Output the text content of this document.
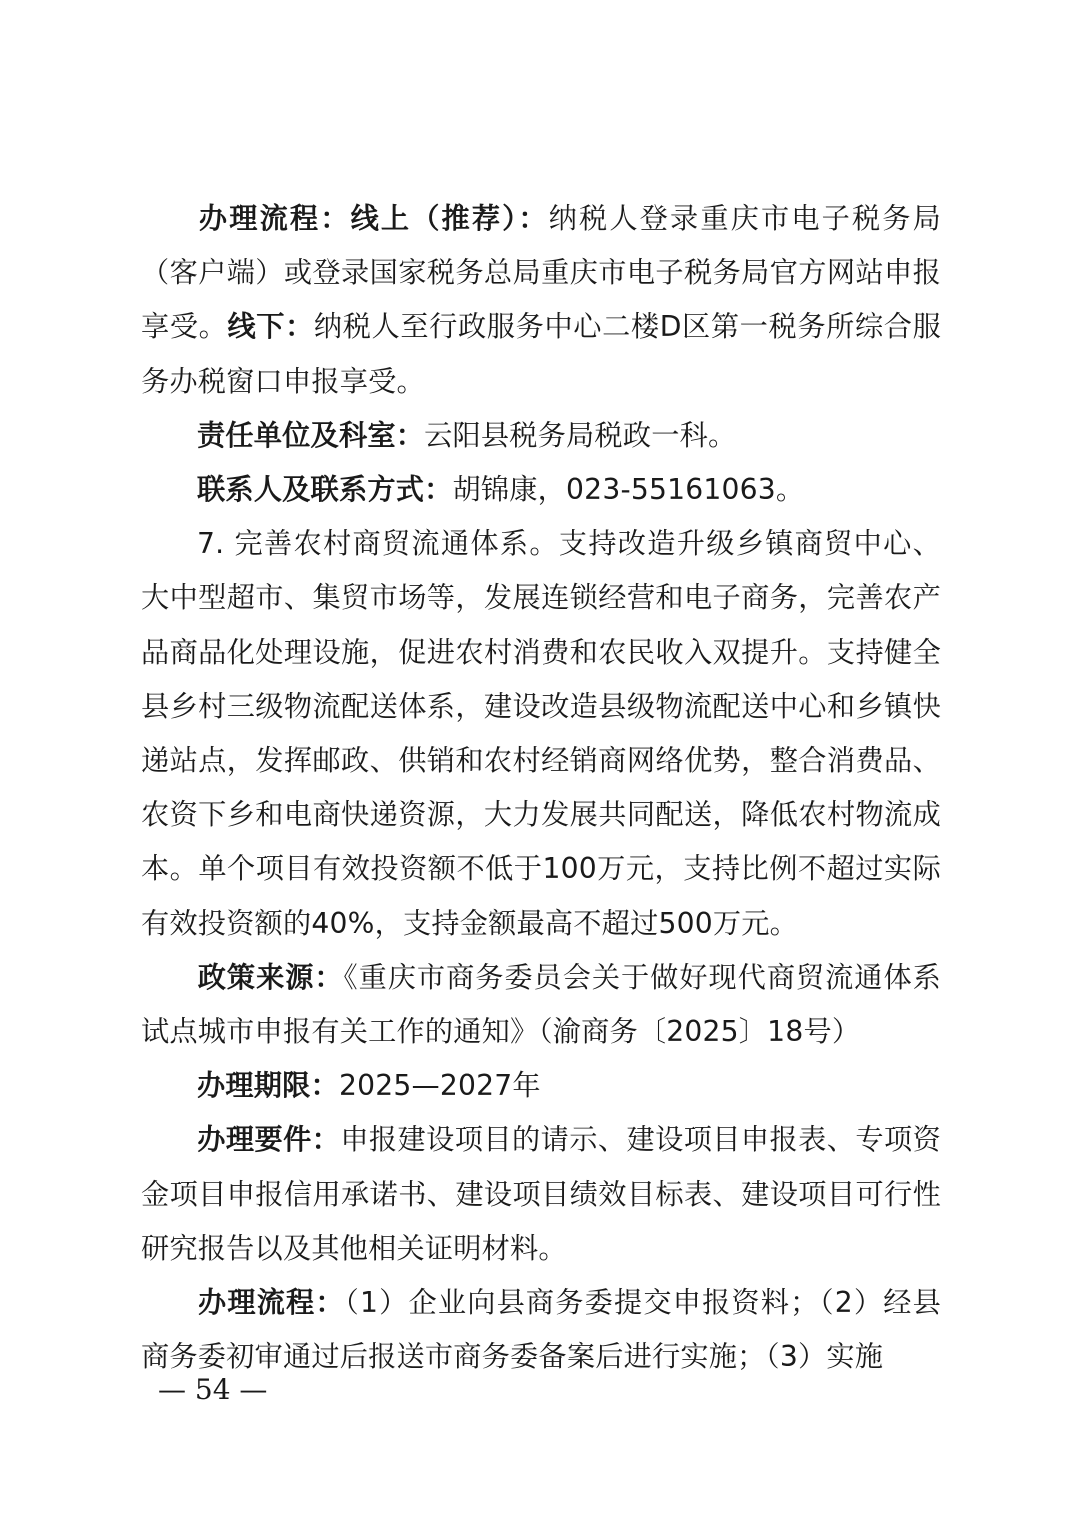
办理流程：线上（推荐）：纳税人登录重庆市电子税务局（客户端）或登录国家税务总局重庆市电子税务局官方网站申报享受。线下：纳税人至行政服务中心二楼D区第一税务所综合服务办税窗口申报享受。

责任单位及科室：云阳县税务局税政一科。

联系人及联系方式：胡锦康，023-55161063。

7. 完善农村商贸流通体系。支持改造升级乡镇商贸中心、大中型超市、集贸市场等，发展连锁经营和电子商务，完善农产品商品化处理设施，促进农村消费和农民收入双提升。支持健全县乡村三级物流配送体系，建设改造县级物流配送中心和乡镇快递站点，发挥邮政、供销和农村经销商网络优势，整合消费品、农资下乡和电商快递资源，大力发展共同配送，降低农村物流成本。单个项目有效投资额不低于100万元，支持比例不超过实际有效投资额的40%，支持金额最高不超过500万元。

政策来源：《重庆市商务委员会关于做好现代商贸流通体系试点城市申报有关工作的通知》（渝商务〔2025〕18号）

办理期限：2025—2027年

办理要件：申报建设项目的请示、建设项目申报表、专项资金项目申报信用承诺书、建设项目绩效目标表、建设项目可行性研究报告以及其他相关证明材料。

办理流程：（1）企业向县商务委提交申报资料；（2）经县商务委初审通过后报送市商务委备案后进行实施；（3）实施

— 54 —
